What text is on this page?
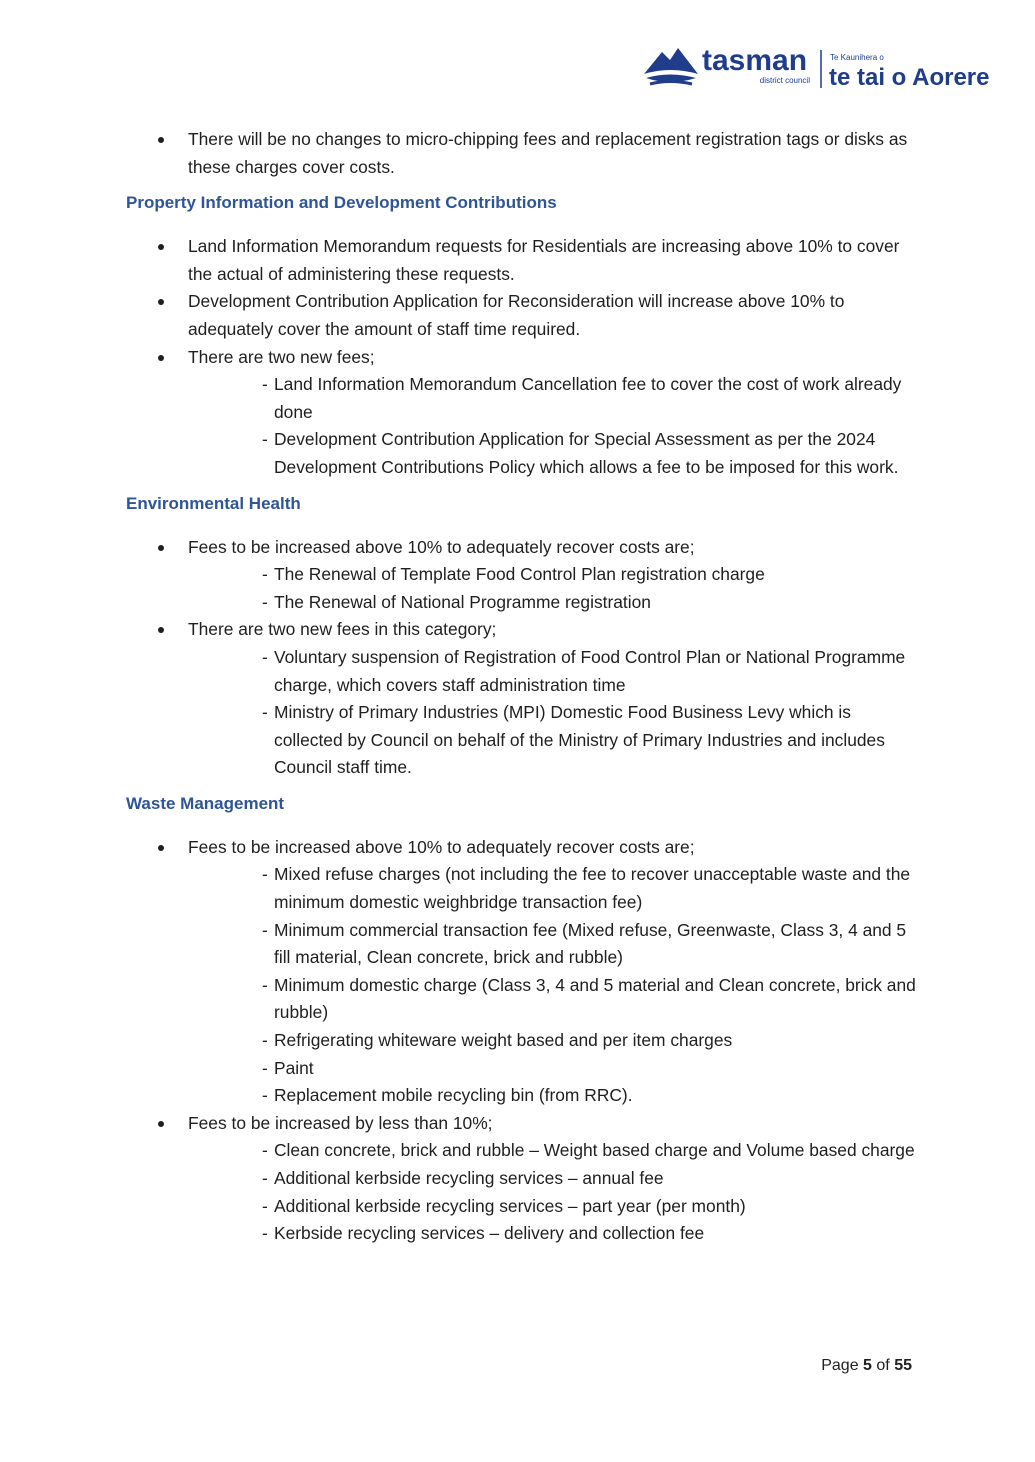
tasman
district council
Te Kaunihera o
te tai o Aorere
There will be no changes to micro-chipping fees and replacement registration tags or disks as these charges cover costs.
Property Information and Development Contributions
Land Information Memorandum requests for Residentials are increasing above 10% to cover the actual of administering these requests.
Development Contribution Application for Reconsideration will increase above 10% to adequately cover the amount of staff time required.
There are two new fees;
- Land Information Memorandum Cancellation fee to cover the cost of work already done
- Development Contribution Application for Special Assessment as per the 2024 Development Contributions Policy which allows a fee to be imposed for this work.
Environmental Health
Fees to be increased above 10% to adequately recover costs are;
- The Renewal of Template Food Control Plan registration charge
- The Renewal of National Programme registration
There are two new fees in this category;
- Voluntary suspension of Registration of Food Control Plan or National Programme charge, which covers staff administration time
- Ministry of Primary Industries (MPI) Domestic Food Business Levy which is collected by Council on behalf of the Ministry of Primary Industries and includes Council staff time.
Waste Management
Fees to be increased above 10% to adequately recover costs are;
- Mixed refuse charges (not including the fee to recover unacceptable waste and the minimum domestic weighbridge transaction fee)
- Minimum commercial transaction fee (Mixed refuse, Greenwaste, Class 3, 4 and 5 fill material, Clean concrete, brick and rubble)
- Minimum domestic charge (Class 3, 4 and 5 material and Clean concrete, brick and rubble)
- Refrigerating whiteware weight based and per item charges
- Paint
- Replacement mobile recycling bin (from RRC).
Fees to be increased by less than 10%;
- Clean concrete, brick and rubble – Weight based charge and Volume based charge
- Additional kerbside recycling services – annual fee
- Additional kerbside recycling services – part year (per month)
- Kerbside recycling services – delivery and collection fee
Page 5 of 55
